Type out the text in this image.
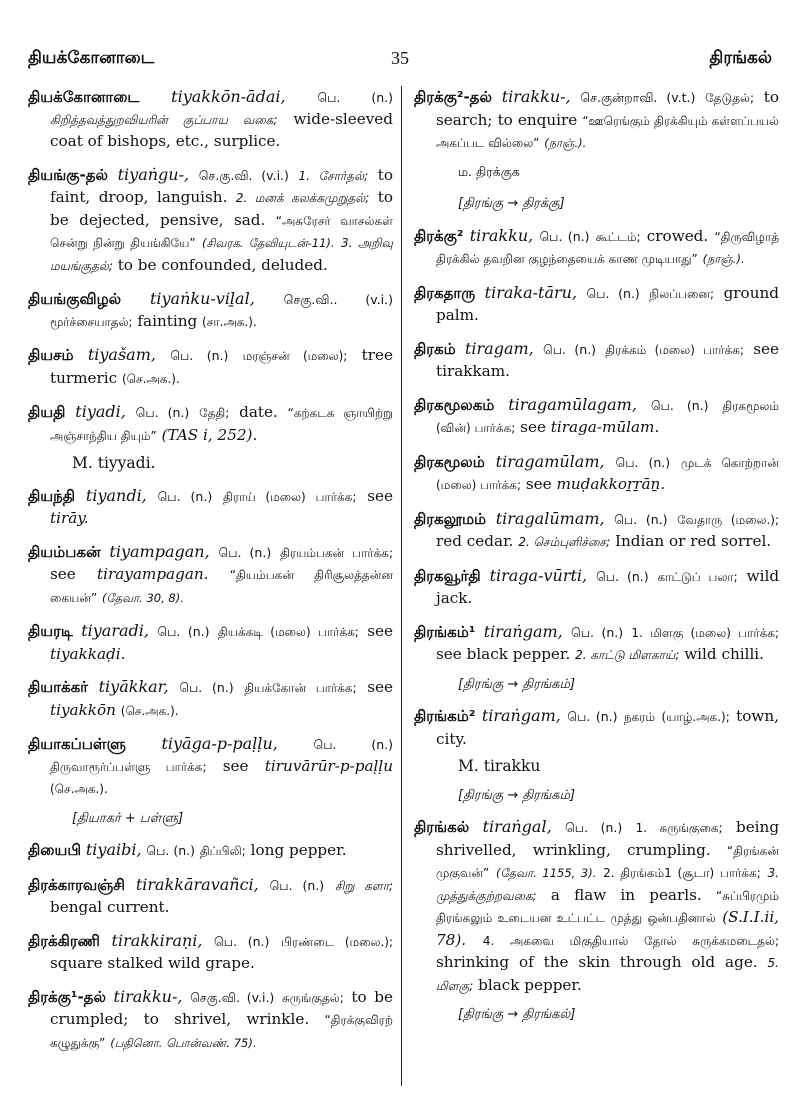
தியக்கோனாடை	35	திரங்கல்

தியக்கோனாடை tiyakkōn-ādai,	பெ. (n.) கிறித்தவத்துறவியரின் குப்பாய வகை; wide-sleeved coat of bishops, etc., surplice.

தியங்கு-தல் tiyaṅgu-, செ.கு.வி. (v.i.) 1. சோர்தல்; to faint, droop, languish. 2. மனக் கலக்கமுறுதல்; to be dejected, pensive, sad. “அசுரேசர் வாசல்கள் சென்று நின்று தியங்கியே” (சிவரக. தேவியுடன்-11). 3. அறிவு மயங்குதல்; to be confounded, deluded.

தியங்குவிழல் tiyaṅku-viḻal, செகு.வி.. (v.i.) மூர்ச்சையாதல்; fainting (சா.அக.).

தியசம் tiyašam, பெ. (n.) மரஞ்சன் (மலை); tree turmeric (செ.அக.).

தியதி tiyadi, பெ. (n.) தேதி; date. “கற்கடக ஞாயிற்று அஞ்சாந்திய தியும்” (TAS i, 252).

M. tiyyadi.

தியந்தி tiyandi, பெ. (n.) திராய் (மலை) பார்க்க; see tirāy.

தியம்பகன் tiyampagan, பெ. (n.) திரயம்பகன் பார்க்க; see tirayampagan. “தியம்பகன் திரிசூலத்தன்ன கையன்” (தேவா. 30, 8).

தியரடி tiyaradi, பெ. (n.) தியக்கடி (மலை) பார்க்க; see tiyakkaḍi.

தியாக்கர் tiyākkar, பெ. (n.) தியக்கோன் பார்க்க; see tiyakkōn (செ.அக.).

தியாகப்பள்ளு tiyāga-p-paḷḷu,	பெ. (n.) திருவாரூர்ப்பள்ளு பார்க்க; see tiruvārūr-p-paḷḷu (செ.அக.).

[தியாகர் + பள்ளு]

தியைபி tiyaibi, பெ. (n.) திப்பிலி; long pepper.

திரக்காரவஞ்சி tirakkāravañci, பெ. (n.) சிறு களா; bengal current.

திரக்கிரணி tirakkiraṇi, பெ. (n.) பிரண்டை (மலை.); square stalked wild grape.

திரக்கு¹-தல் tirakku-, செகு.வி. (v.i.) சுருங்குதல்; to be crumpled; to shrivel, wrinkle. “திரக்குவிரற் கழுதுக்கு” (பதினொ. பொன்வண். 75).

திரக்கு²-தல் tirakku-, செ.குன்றாவி. (v.t.) தேடுதல்; to search; to enquire “ஊரெங்கும் திரக்கியும் கள்ளப்பயல் அகப்பட வில்லை” (நாஞ்.).

ம. திரக்குக

[திரங்கு → திரக்கு]

திரக்கு² tirakku, பெ. (n.) கூட்டம்; crowed. “திருவிழாத் திரக்கில் தவறின குழந்தையைக் காண முடியாது” (நாஞ்.).

திரகதாரு tiraka-tāru, பெ. (n.) நிலப்பனை; ground palm.

திரகம் tiragam, பெ. (n.) திரக்கம் (மலை) பார்க்க; see tirakkam.

திரகமூலகம் tiragamūlagam, பெ. (n.) திரகமூலம் (வின்) பார்க்க; see tiraga-mūlam.

திரகமூலம் tiragamūlam, பெ. (n.) முடக் கொற்றான் (மலை) பார்க்க; see muḍakkoṟṟāṉ.

திரகலூமம் tiragalūmam, பெ. (n.) வேதாரு (மலை.); red cedar. 2. செம்புளிச்சை; Indian or red sorrel.

திரகவூர்தி tiraga-vūrti, பெ. (n.) காட்டுப் பலா; wild jack.

திரங்கம்¹ tiraṅgam, பெ. (n.) 1. மிளகு (மலை) பார்க்க; see black pepper. 2. காட்டு மிளகாய்; wild chilli.

[திரங்கு → திரங்கம்]

திரங்கம்² tiraṅgam, பெ. (n.) நகரம் (யாழ்.அக.); town, city.

M. tirakku

[திரங்கு → திரங்கம்]

திரங்கல் tiraṅgal, பெ. (n.) 1. சுருங்குகை; being shrivelled, wrinkling, crumpling. “திரங்கன் முகுவன்” (தேவா. 1155, 3). 2. திரங்கம்1 (சூடா) பார்க்க; 3. முத்துக்குற்றவகை; a flaw in pearls. “சுப்பிரமும் திரங்கலும் உடையன உட்பட்ட முத்து ஒன்பதினால் (S.I.I.ii, 78). 4. அகவை மிகுதியால் தோல் சுருக்கமடைதல்; shrinking of the skin through old age. 5. மிளகு; black pepper.

[திரங்கு → திரங்கல்]
